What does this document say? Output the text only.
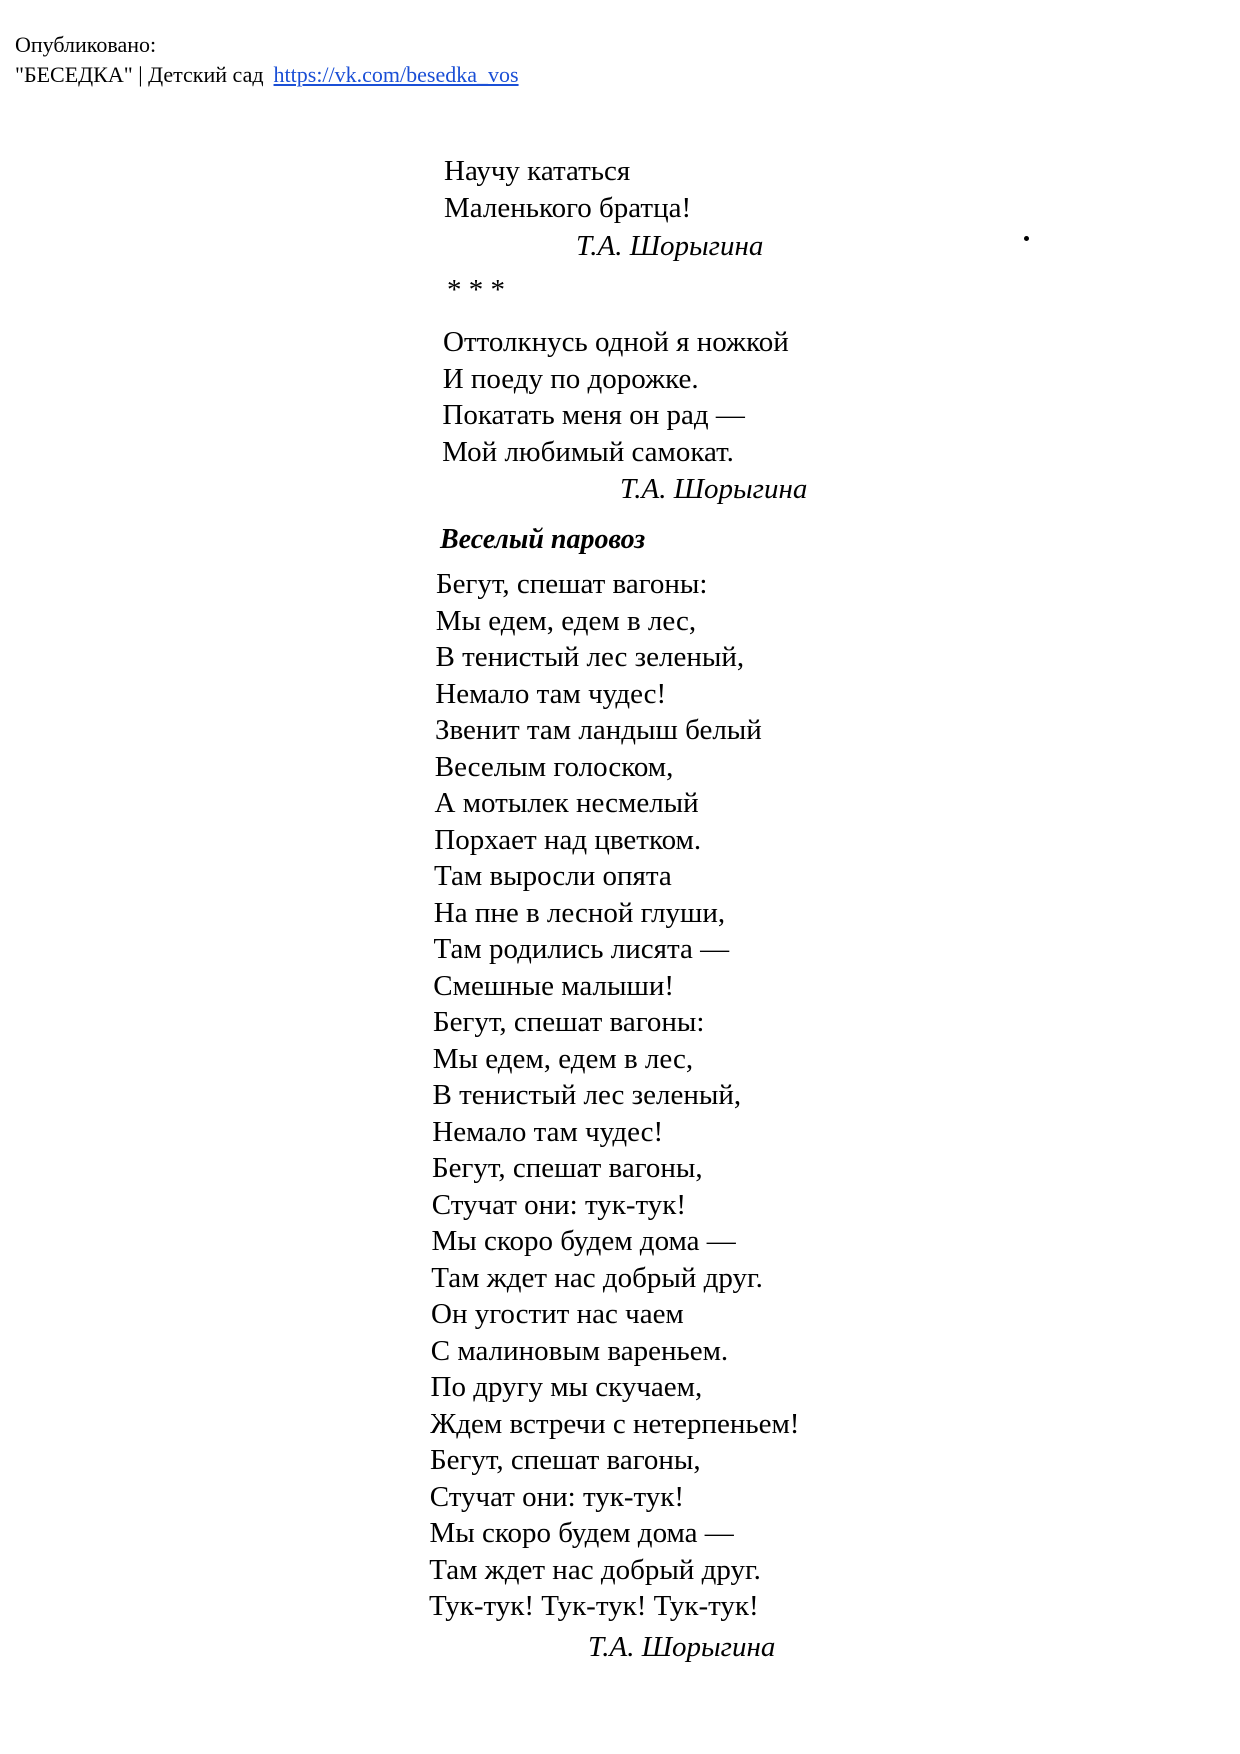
Опубликовано:
"БЕСЕДКА" | Детский сад https://vk.com/besedka_vos
Научу кататься
Маленького братца!
Т.А. Шорыгина
* * *
Оттолкнусь одной я ножкой
И поеду по дорожке.
Покатать меня он рад —
Мой любимый самокат.
Т.А. Шорыгина
Веселый паровоз
Бегут, спешат вагоны:
Мы едем, едем в лес,
В тенистый лес зеленый,
Немало там чудес!
Звенит там ландыш белый
Веселым голоском,
А мотылек несмелый
Порхает над цветком.
Там выросли опята
На пне в лесной глуши,
Там родились лисята —
Смешные малыши!
Бегут, спешат вагоны:
Мы едем, едем в лес,
В тенистый лес зеленый,
Немало там чудес!
Бегут, спешат вагоны,
Стучат они: тук-тук!
Мы скоро будем дома —
Там ждет нас добрый друг.
Он угостит нас чаем
С малиновым вареньем.
По другу мы скучаем,
Ждем встречи с нетерпеньем!
Бегут, спешат вагоны,
Стучат они: тук-тук!
Мы скоро будем дома —
Там ждет нас добрый друг.
Тук-тук! Тук-тук! Тук-тук!
Т.А. Шорыгина
